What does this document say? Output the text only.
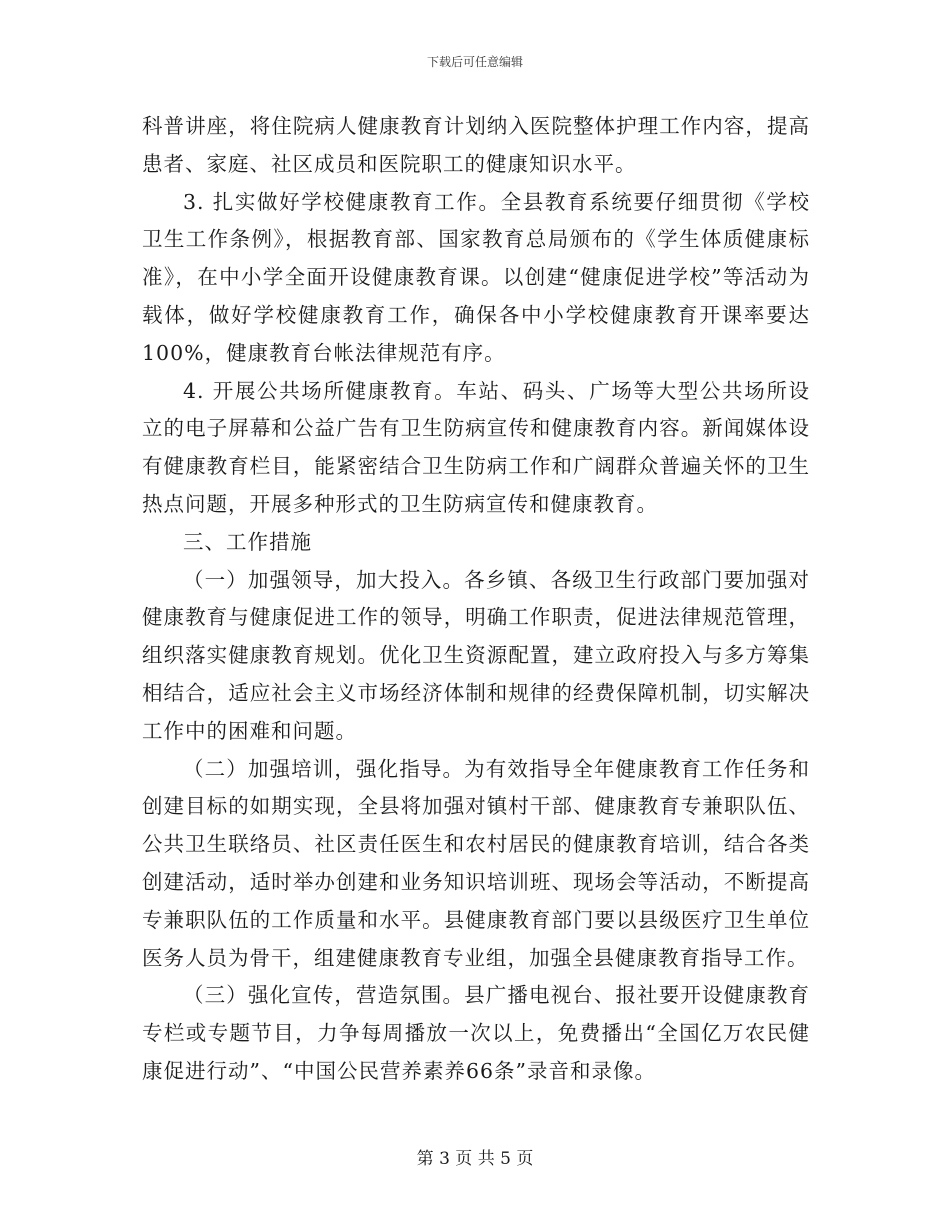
下载后可任意编辑

科普讲座，将住院病人健康教育计划纳入医院整体护理工作内容，提高患者、家庭、社区成员和医院职工的健康知识水平。

3. 扎实做好学校健康教育工作。全县教育系统要仔细贯彻《学校卫生工作条例》，根据教育部、国家教育总局颁布的《学生体质健康标准》，在中小学全面开设健康教育课。以创建“健康促进学校”等活动为载体，做好学校健康教育工作，确保各中小学校健康教育开课率要达100%，健康教育台帐法律规范有序。

4. 开展公共场所健康教育。车站、码头、广场等大型公共场所设立的电子屏幕和公益广告有卫生防病宣传和健康教育内容。新闻媒体设有健康教育栏目，能紧密结合卫生防病工作和广阔群众普遍关怀的卫生热点问题，开展多种形式的卫生防病宣传和健康教育。

三、工作措施

（一）加强领导，加大投入。各乡镇、各级卫生行政部门要加强对健康教育与健康促进工作的领导，明确工作职责，促进法律规范管理，组织落实健康教育规划。优化卫生资源配置，建立政府投入与多方筹集相结合，适应社会主义市场经济体制和规律的经费保障机制，切实解决工作中的困难和问题。

（二）加强培训，强化指导。为有效指导全年健康教育工作任务和创建目标的如期实现，全县将加强对镇村干部、健康教育专兼职队伍、公共卫生联络员、社区责任医生和农村居民的健康教育培训，结合各类创建活动，适时举办创建和业务知识培训班、现场会等活动，不断提高专兼职队伍的工作质量和水平。县健康教育部门要以县级医疗卫生单位医务人员为骨干，组建健康教育专业组，加强全县健康教育指导工作。

（三）强化宣传，营造氛围。县广播电视台、报社要开设健康教育专栏或专题节目，力争每周播放一次以上，免费播出“全国亿万农民健康促进行动”、“中国公民营养素养66条”录音和录像。

第 3 页 共 5 页
